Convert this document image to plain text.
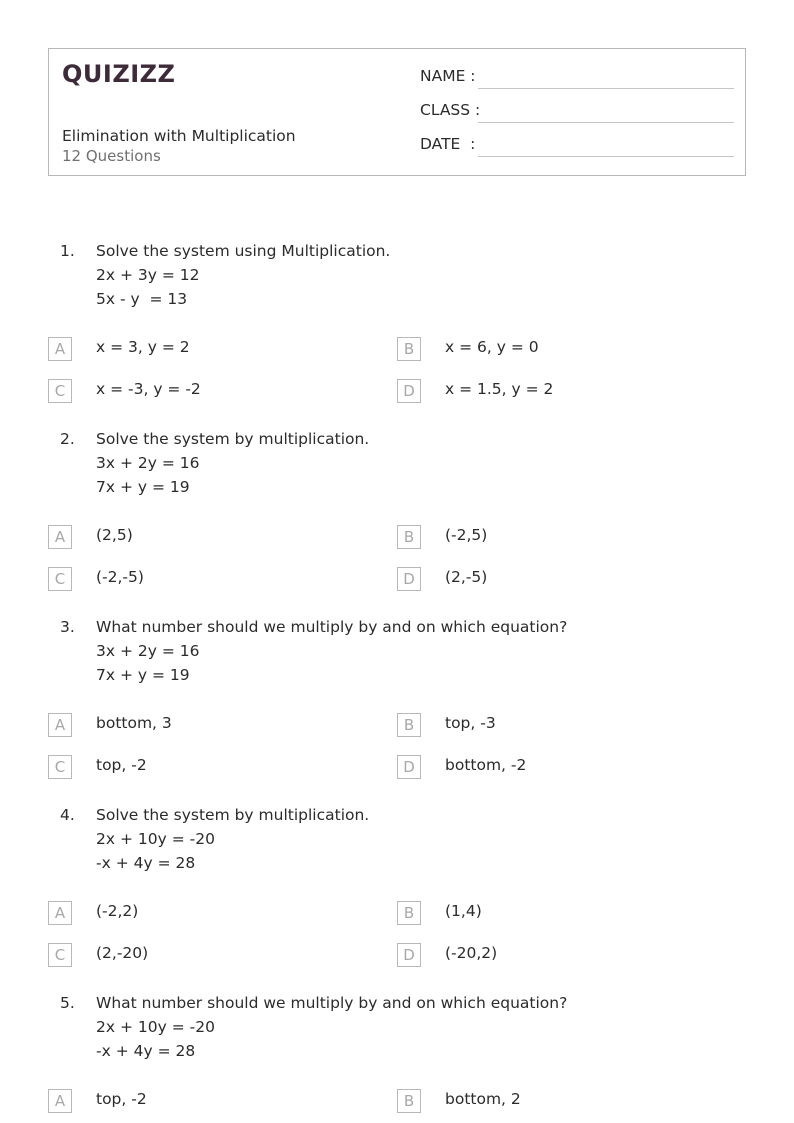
QUIZIZZ
Elimination with Multiplication
12 Questions
NAME :
CLASS :
DATE  :
1. Solve the system using Multiplication.
2x + 3y = 12
5x - y  = 13
A	x = 3, y = 2	B	x = 6, y = 0
C	x = -3, y = -2	D	x = 1.5, y = 2
2. Solve the system by multiplication.
3x + 2y = 16
7x + y = 19
A	(2,5)	B	(-2,5)
C	(-2,-5)	D	(2,-5)
3. What number should we multiply by and on which equation?
3x + 2y = 16
7x + y = 19
A	bottom, 3	B	top, -3
C	top, -2	D	bottom, -2
4. Solve the system by multiplication.
2x + 10y = -20
-x + 4y = 28
A	(-2,2)	B	(1,4)
C	(2,-20)	D	(-20,2)
5. What number should we multiply by and on which equation?
2x + 10y = -20
-x + 4y = 28
A	top, -2	B	bottom, 2
